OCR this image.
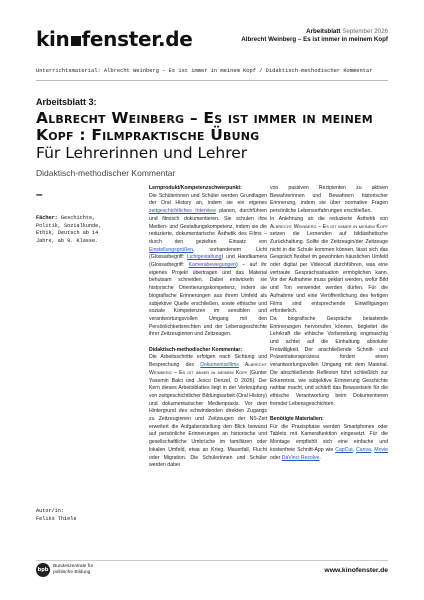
kin fenster.de	Arbeitsblatt September 2026
Albrecht Weinberg – Es ist immer in meinem Kopf
Unterrichtsmaterial: Albrecht Weinberg – Es ist immer in meinem Kopf / Didaktisch-methodischer Kommentar
Arbeitsblatt 3:
Albrecht Weinberg – Es ist immer in meinem
Kopf : Filmpraktische Übung
Für Lehrerinnen und Lehrer
Didaktisch-methodischer Kommentar
–
Fächer: Geschichte, Politik, Sozialkunde, Ethik, Deutsch ab 14 Jahre, ab 9. Klasse.
Autor/in:
Feliks Thiele
Lernprodukt/Kompetenzschwerpunkt:

Die Schülerinnen und Schüler werden Grundlagen der Oral History an, indem sie ein eigenes zeitgeschichtliches Interview planen, durchführen und filmisch dokumentieren. Sie schulen ihre Medien- und Gestaltungskompetenz, indem sie die reduzierte, dokumentarische Ästhetik des Films – durch den gezielten Einsatz von Einstellungsgrößen, vorhandenem Licht (Glossarbegriff: Lichtgestaltung) und Handkamera (Glossarbegriff: Kamerabewegungen) – auf ihr eigenes Projekt übertragen und das Material behutsam schneiden. Dabei entwickeln sie historische Orientierungskompetenz, indem sie biografische Erinnerungen aus ihrem Umfeld als subjektive Quelle erschließen, sowie ethische und soziale Kompetenzen im sensiblen und verantwortungsvollen Umgang mit den Persönlichkeitsrechten und der Lebensgeschichte ihrer Zeitzeuginnen und Zeitzeugen.

Didaktisch-methodischer Kommentar:

Die Arbeitsschritte erfolgen nach Sichtung und Besprechung des Dokumentarfilms Albrecht Weinberg – Es ist immer in meinem Kopf (Gunter Yasemin Balci und Jesco Denzel, D 2026). Der Kern dieses Arbeitsblattes liegt in der Verknüpfung von zeitgeschichtlicher Bildungsarbeit (Oral History) und dokumentarischer Medienpraxis. Vor dem Hintergrund des schwindenden direkten Zugangs zu Zeitzeuginnen und Zeitzeugen der NS-Zeit erweitert die Aufgabenstellung den Blick bewusst auf persönliche Erinnerungen an historische und gesellschaftliche Umbrüche im familiären oder lokalen Umfeld, etwa an Krieg, Mauerfall, Flucht oder Migration. Die Schülerinnen und Schüler werden dabei

von passiven Rezipienten zu aktiven Bewahrerinnen und Bewahrern historischer Erinnerung, indem sie über normative Fragen persönliche Lebenserfahrungen erschließen.

In Anlehnung an die reduzierte Ästhetik von Albrecht Weinberg – Es ist immer in meinem Kopf setzen die Lernenden auf bildästhetische Zurückhaltung. Sollte die Zeitzeugin/der Zeitzeuge nicht in die Schule kommen können, lässt sich das Gespräch flexibel im gewohnten häuslichen Umfeld oder digital per Videocall durchführen, was eine vertraute Gesprächssituation ermöglichen kann. Vor der Aufnahme muss geklärt werden, wofür Bild und Ton verwendet werden dürfen. Für die Aufnahme und eine Veröffentlichung des fertigen Films sind entsprechende Einwilligungen erforderlich.

Da biografische Gespräche belastende Erinnerungen hervorrufen können, begleitet die Lehrkraft die ethische Vorbereitung engmaschig und achtet auf die Einhaltung absoluter Freiwilligkeit. Der anschließende Schnitt- und Präsentationsprozess fordert einen verantwortungsvollen Umgang mit dem Material. Die abschließende Reflexion führt schließlich zur Erkenntnis, wie subjektive Erinnerung Geschichte nahbar macht, und schärft das Bewusstsein für die ethische Verantwortung beim Dokumentieren fremder Lebensgeschichten.

Benötigte Materialien:

Für die Praxisphase werden Smartphones oder Tablets mit Kamerafunktion eingesetzt. Für die Montage empfiehlt sich eine einfache und kostenfreie Schnitt-App wie CapCut, Canva, Movie oder DaVinci Resolve.

bpb
Bundeszentrale für
politische Bildung	www.kinofenster.de
